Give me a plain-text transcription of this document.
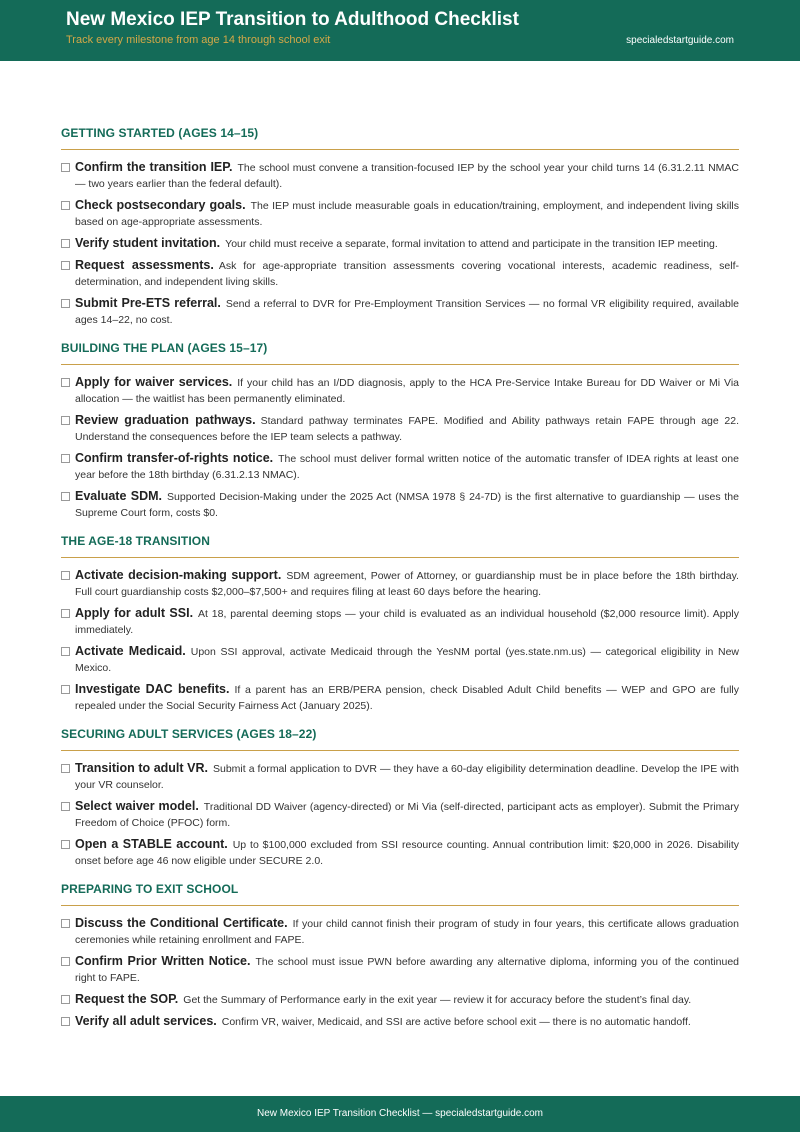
New Mexico IEP Transition to Adulthood Checklist
Track every milestone from age 14 through school exit	specialedstartguide.com
GETTING STARTED (AGES 14–15)
Confirm the transition IEP. The school must convene a transition-focused IEP by the school year your child turns 14 (6.31.2.11 NMAC — two years earlier than the federal default).
Check postsecondary goals. The IEP must include measurable goals in education/training, employment, and independent living skills based on age-appropriate assessments.
Verify student invitation. Your child must receive a separate, formal invitation to attend and participate in the transition IEP meeting.
Request assessments. Ask for age-appropriate transition assessments covering vocational interests, academic readiness, self-determination, and independent living skills.
Submit Pre-ETS referral. Send a referral to DVR for Pre-Employment Transition Services — no formal VR eligibility required, available ages 14–22, no cost.
BUILDING THE PLAN (AGES 15–17)
Apply for waiver services. If your child has an I/DD diagnosis, apply to the HCA Pre-Service Intake Bureau for DD Waiver or Mi Via allocation — the waitlist has been permanently eliminated.
Review graduation pathways. Standard pathway terminates FAPE. Modified and Ability pathways retain FAPE through age 22. Understand the consequences before the IEP team selects a pathway.
Confirm transfer-of-rights notice. The school must deliver formal written notice of the automatic transfer of IDEA rights at least one year before the 18th birthday (6.31.2.13 NMAC).
Evaluate SDM. Supported Decision-Making under the 2025 Act (NMSA 1978 § 24-7D) is the first alternative to guardianship — uses the Supreme Court form, costs $0.
THE AGE-18 TRANSITION
Activate decision-making support. SDM agreement, Power of Attorney, or guardianship must be in place before the 18th birthday. Full court guardianship costs $2,000–$7,500+ and requires filing at least 60 days before the hearing.
Apply for adult SSI. At 18, parental deeming stops — your child is evaluated as an individual household ($2,000 resource limit). Apply immediately.
Activate Medicaid. Upon SSI approval, activate Medicaid through the YesNM portal (yes.state.nm.us) — categorical eligibility in New Mexico.
Investigate DAC benefits. If a parent has an ERB/PERA pension, check Disabled Adult Child benefits — WEP and GPO are fully repealed under the Social Security Fairness Act (January 2025).
SECURING ADULT SERVICES (AGES 18–22)
Transition to adult VR. Submit a formal application to DVR — they have a 60-day eligibility determination deadline. Develop the IPE with your VR counselor.
Select waiver model. Traditional DD Waiver (agency-directed) or Mi Via (self-directed, participant acts as employer). Submit the Primary Freedom of Choice (PFOC) form.
Open a STABLE account. Up to $100,000 excluded from SSI resource counting. Annual contribution limit: $20,000 in 2026. Disability onset before age 46 now eligible under SECURE 2.0.
PREPARING TO EXIT SCHOOL
Discuss the Conditional Certificate. If your child cannot finish their program of study in four years, this certificate allows graduation ceremonies while retaining enrollment and FAPE.
Confirm Prior Written Notice. The school must issue PWN before awarding any alternative diploma, informing you of the continued right to FAPE.
Request the SOP. Get the Summary of Performance early in the exit year — review it for accuracy before the student’s final day.
Verify all adult services. Confirm VR, waiver, Medicaid, and SSI are active before school exit — there is no automatic handoff.
New Mexico IEP Transition Checklist — specialedstartguide.com
